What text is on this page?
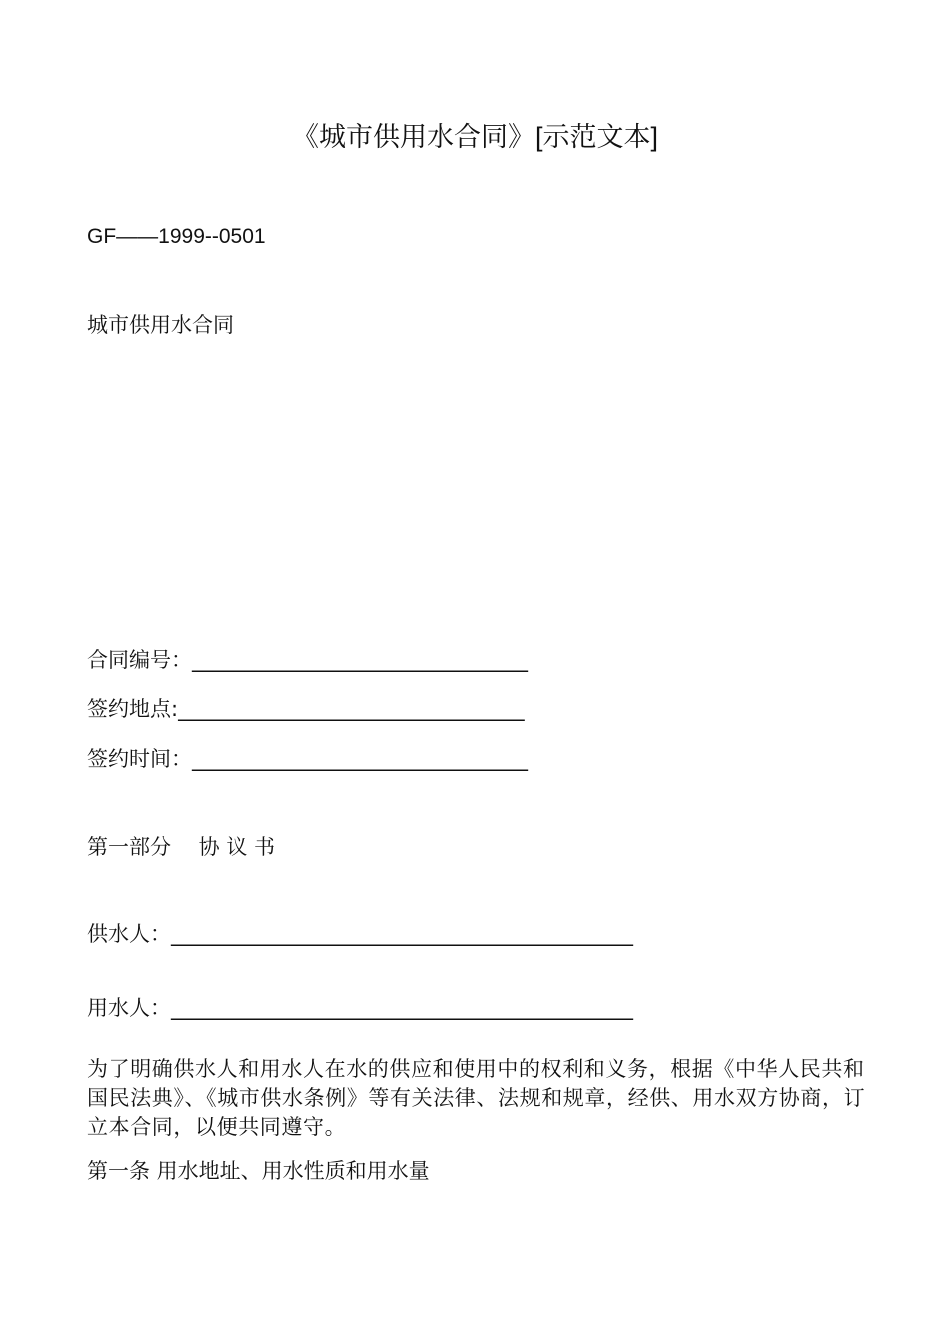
《城市供用水合同》[示范文本]
GF——1999--0501
城市供用水合同
合同编号：________________________________
签约地点:_________________________________
签约时间：________________________________
第一部分　 协 议 书
供水人：____________________________________________
用水人：____________________________________________
为了明确供水人和用水人在水的供应和使用中的权利和义务，根据《中华人民共和国民法典》、《城市供水条例》等有关法律、法规和规章，经供、用水双方协商，订立本合同，以便共同遵守。
第一条 用水地址、用水性质和用水量
